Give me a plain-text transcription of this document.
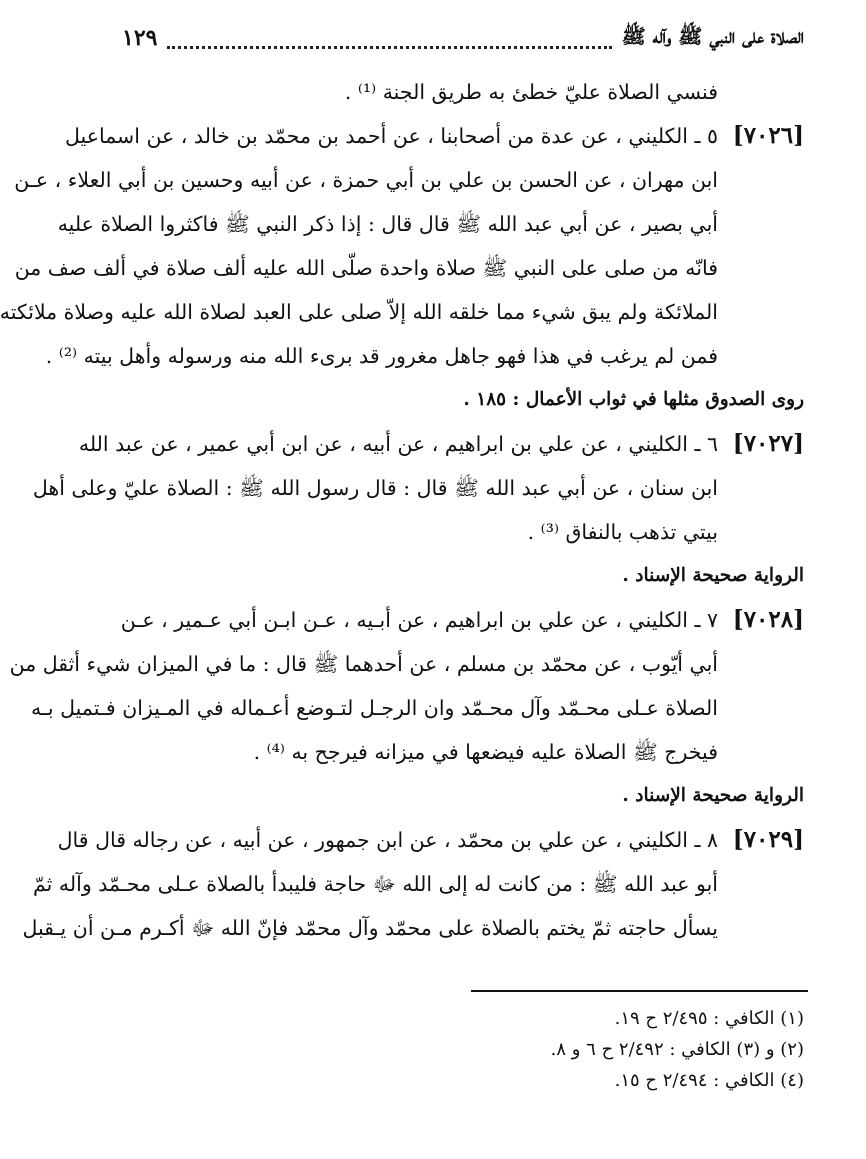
الصلاة على النبي ﷺ وآله ﷺ
١٢٩
فنسي الصلاة عليّ خطئ به طريق الجنة ⁽¹⁾ .
[٧٠٢٦]
٥ ـ الكليني ، عن عدة من أصحابنا ، عن أحمد بن محمّد بن خالد ، عن اسماعيل
ابن مهران ، عن الحسن بن علي بن أبي حمزة ، عن أبيه وحسين بن أبي العلاء ، عـن
أبي بصير ، عن أبي عبد الله ﷺ قال قال : إذا ذكر النبي ﷺ فاكثروا الصلاة عليه
فانّه من صلى على النبي ﷺ صلاة واحدة صلّى الله عليه ألف صلاة في ألف صف من
الملائكة ولم يبق شيء مما خلقه الله إلاّ صلى على العبد لصلاة الله عليه وصلاة ملائكته
فمن لم يرغب في هذا فهو جاهل مغرور قد برىء الله منه ورسوله وأهل بيته ⁽²⁾ .
روى الصدوق مثلها في ثواب الأعمال : ١٨٥ .
[٧٠٢٧]
٦ ـ الكليني ، عن علي بن ابراهيم ، عن أبيه ، عن ابن أبي عمير ، عن عبد الله
ابن سنان ، عن أبي عبد الله ﷺ قال : قال رسول الله ﷺ : الصلاة عليّ وعلى أهل
بيتي تذهب بالنفاق ⁽³⁾ .
الرواية صحيحة الإسناد .
[٧٠٢٨]
٧ ـ الكليني ، عن علي بن ابراهيم ، عن أبـيه ، عـن ابـن أبي عـمير ، عـن
أبي أيّوب ، عن محمّد بن مسلم ، عن أحدهما ﷺ قال : ما في الميزان شيء أثقل من
الصلاة عـلى محـمّد وآل محـمّد وان الرجـل لتـوضع أعـماله في المـيزان فـتميل بـه
فيخرج ﷺ الصلاة عليه فيضعها في ميزانه فيرجح به ⁽⁴⁾ .
الرواية صحيحة الإسناد .
[٧٠٢٩]
٨ ـ الكليني ، عن علي بن محمّد ، عن ابن جمهور ، عن أبيه ، عن رجاله قال قال
أبو عبد الله ﷺ : من كانت له إلى الله ﷻ حاجة فليبدأ بالصلاة عـلى محـمّد وآله ثمّ
يسأل حاجته ثمّ يختم بالصلاة على محمّد وآل محمّد فإنّ الله ﷻ أكـرم مـن أن يـقبل
(١) الكافي : ٢/٤٩٥ ح ١٩.
(٢) و (٣) الكافي : ٢/٤٩٢ ح ٦ و ٨.
(٤) الكافي : ٢/٤٩٤ ح ١٥.
